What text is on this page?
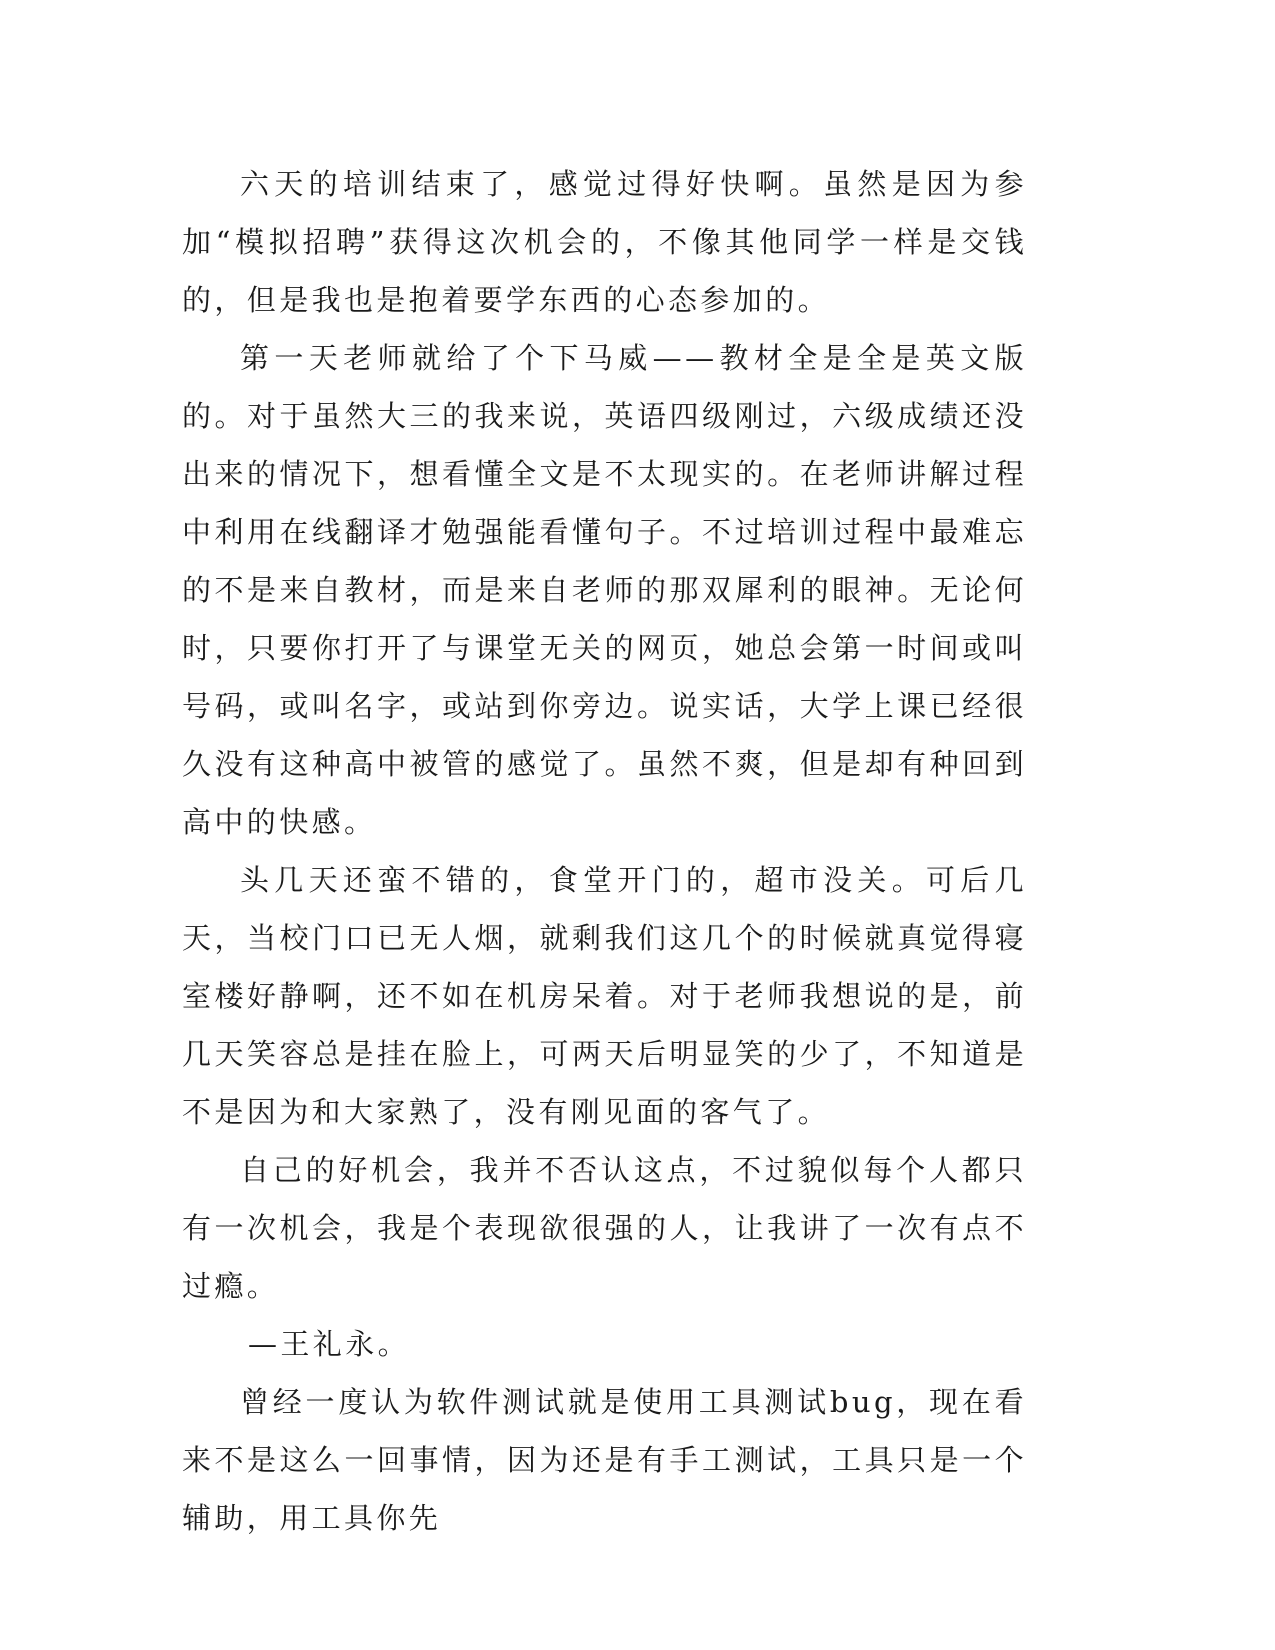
六天的培训结束了，感觉过得好快啊。虽然是因为参加“模拟招聘”获得这次机会的，不像其他同学一样是交钱的，但是我也是抱着要学东西的心态参加的。

第一天老师就给了个下马威——教材全是全是英文版的。对于虽然大三的我来说，英语四级刚过，六级成绩还没出来的情况下，想看懂全文是不太现实的。在老师讲解过程中利用在线翻译才勉强能看懂句子。不过培训过程中最难忘的不是来自教材，而是来自老师的那双犀利的眼神。无论何时，只要你打开了与课堂无关的网页，她总会第一时间或叫号码，或叫名字，或站到你旁边。说实话，大学上课已经很久没有这种高中被管的感觉了。虽然不爽，但是却有种回到高中的快感。

头几天还蛮不错的，食堂开门的，超市没关。可后几天，当校门口已无人烟，就剩我们这几个的时候就真觉得寝室楼好静啊，还不如在机房呆着。对于老师我想说的是，前几天笑容总是挂在脸上，可两天后明显笑的少了，不知道是不是因为和大家熟了，没有刚见面的客气了。

自己的好机会，我并不否认这点，不过貌似每个人都只有一次机会，我是个表现欲很强的人，让我讲了一次有点不过瘾。

—王礼永。

曾经一度认为软件测试就是使用工具测试bug，现在看来不是这么一回事情，因为还是有手工测试，工具只是一个辅助，用工具你先
